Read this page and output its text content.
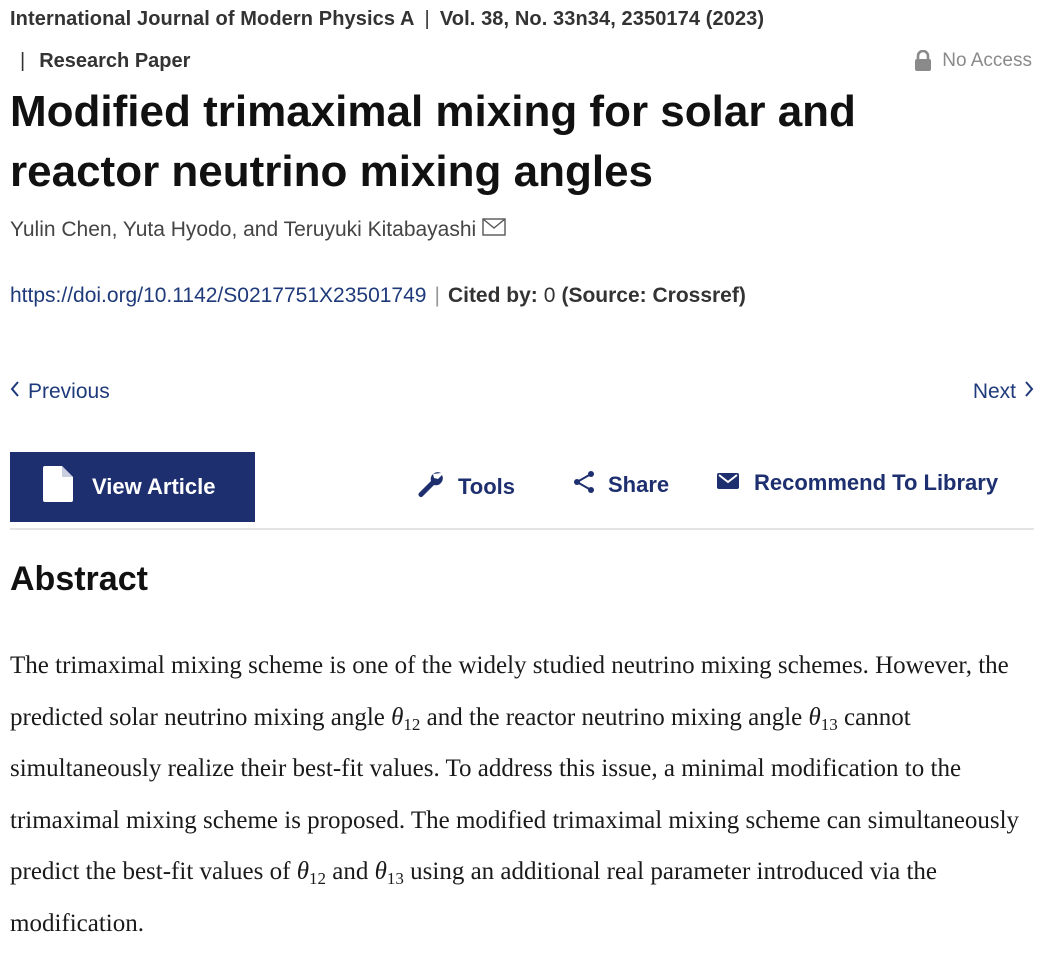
International Journal of Modern Physics A | Vol. 38, No. 33n34, 2350174 (2023)
| Research Paper	No Access
Modified trimaximal mixing for solar and reactor neutrino mixing angles
Yulin Chen, Yuta Hyodo, and Teruyuki Kitabayashi
https://doi.org/10.1142/S0217751X23501749 | Cited by: 0 (Source: Crossref)
Previous	Next
View Article	Tools	Share	Recommend To Library
Abstract

The trimaximal mixing scheme is one of the widely studied neutrino mixing schemes. However, the predicted solar neutrino mixing angle $\theta_{12}$ and the reactor neutrino mixing angle $\theta_{13}$ cannot simultaneously realize their best-fit values. To address this issue, a minimal modification to the trimaximal mixing scheme is proposed. The modified trimaximal mixing scheme can simultaneously predict the best-fit values of $\theta_{12}$ and $\theta_{13}$ using an additional real parameter introduced via the modification.
